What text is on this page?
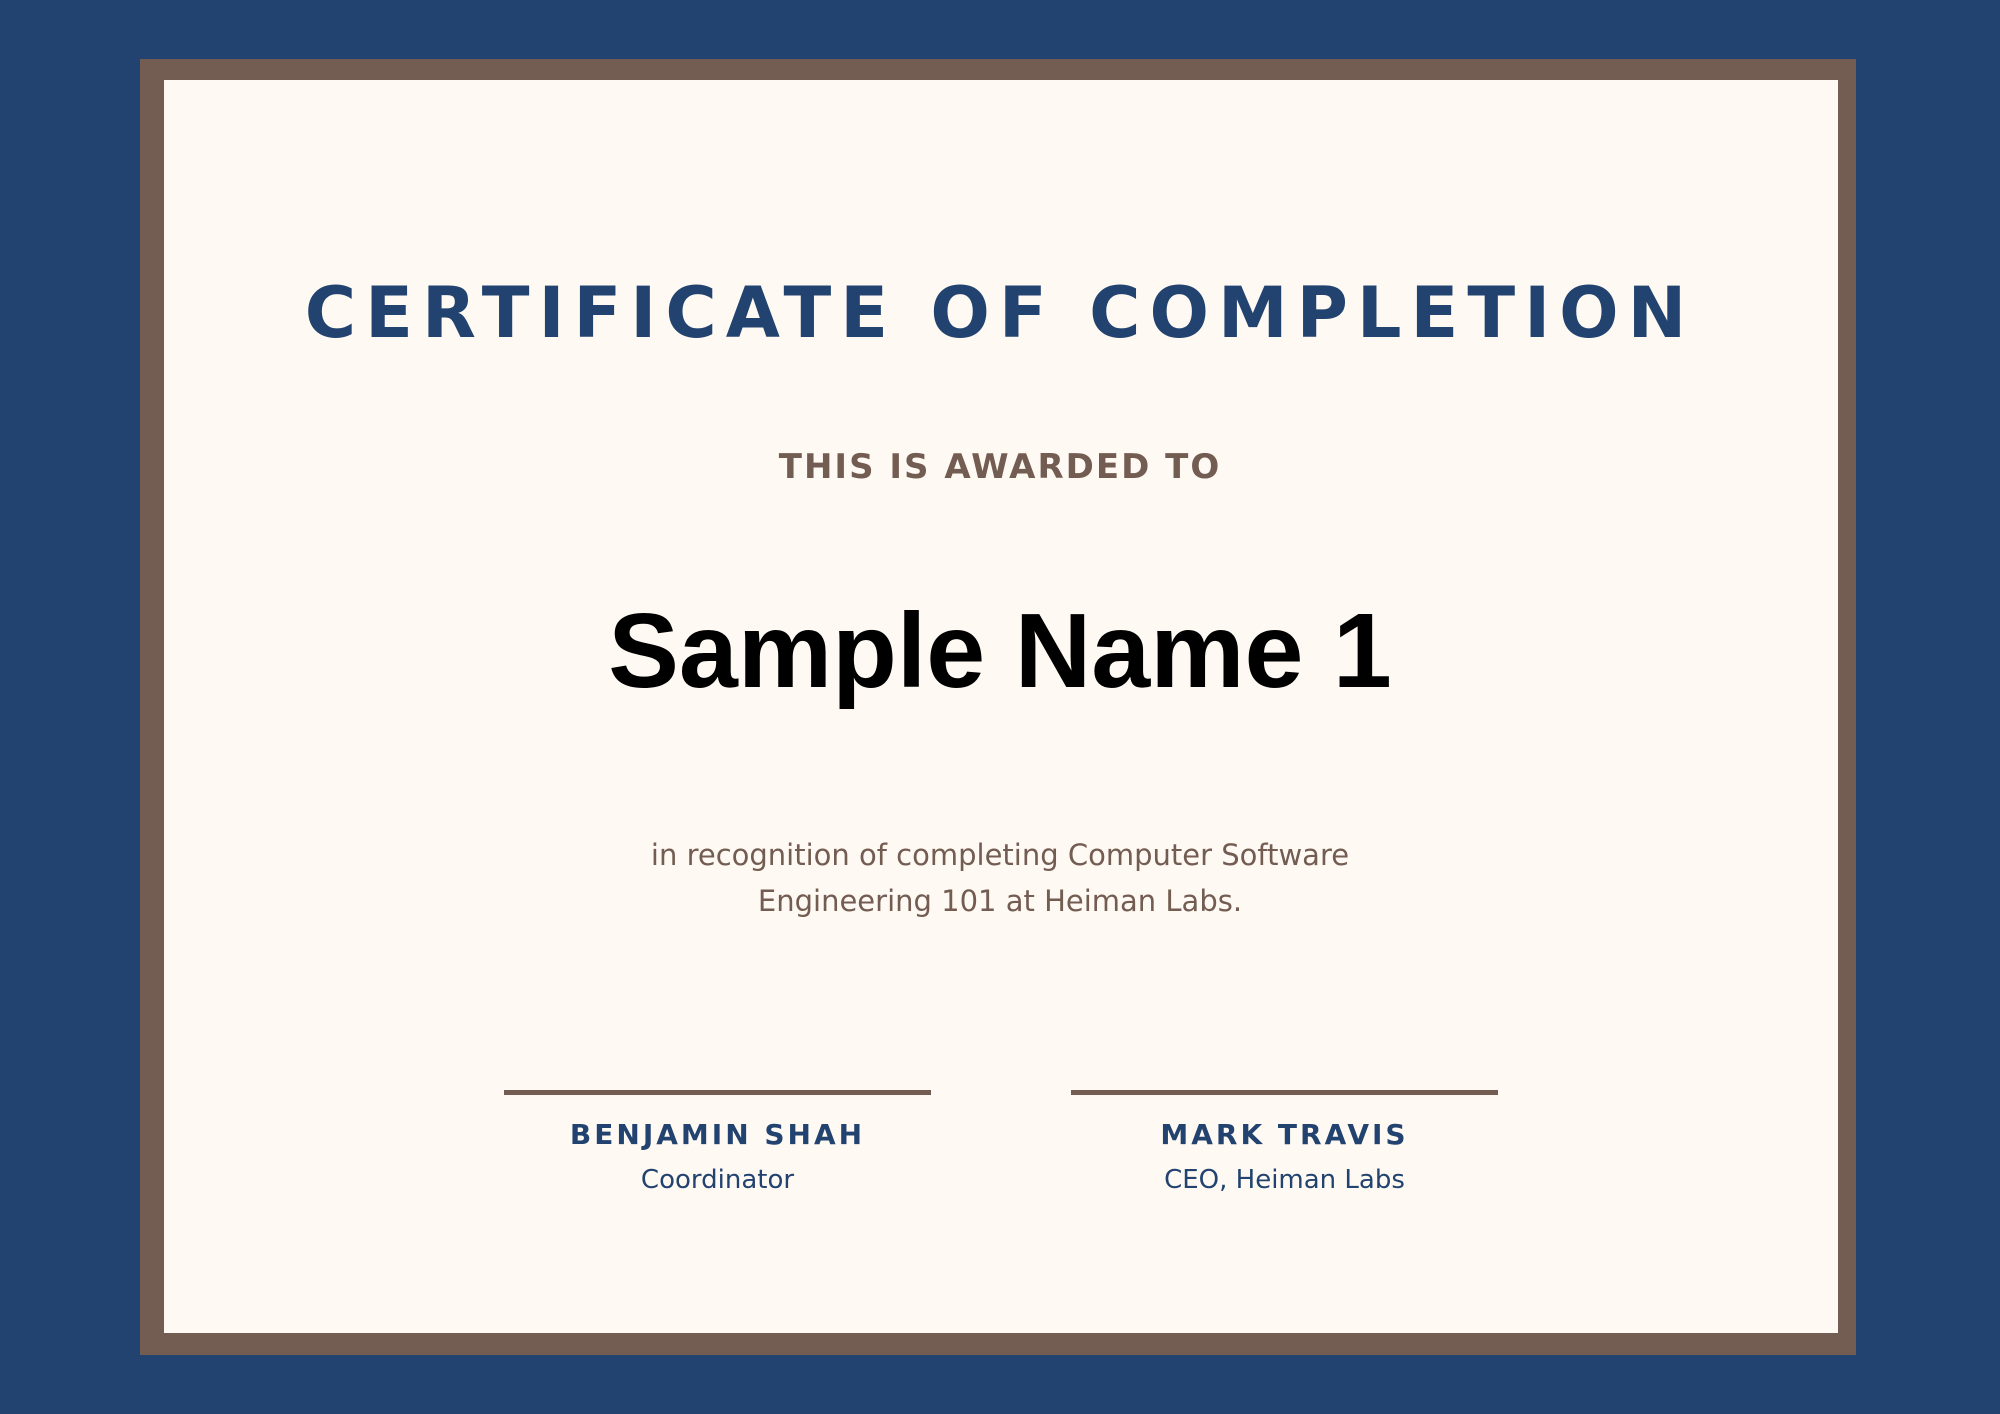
CERTIFICATE OF COMPLETION
THIS IS AWARDED TO
Sample Name 1
in recognition of completing Computer Software
Engineering 101 at Heiman Labs.
BENJAMIN SHAH
Coordinator
MARK TRAVIS
CEO, Heiman Labs
